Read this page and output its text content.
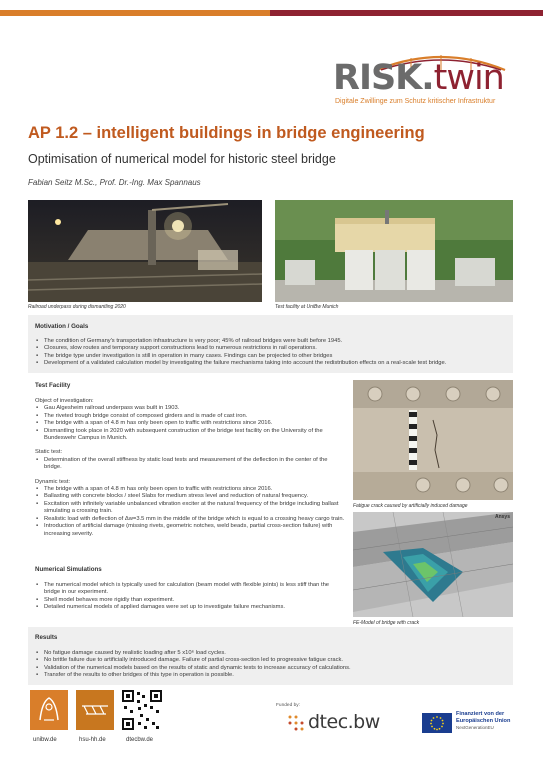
RISK.twin
Digitale Zwillinge zum Schutz kritischer Infrastruktur
AP 1.2 – intelligent buildings in bridge engineering
Optimisation of numerical model for historic steel bridge
Fabian Seitz M.Sc., Prof. Dr.-Ing. Max Spannaus
Railroad underpass during dismantling 2020	Test facility at UniBw Munich
Motivation / Goals
▪ The condition of Germany's transportation infrastructure is very poor; 45% of railroad bridges were built before 1945.
▪ Closures, slow routes and temporary support constructions lead to numerous restrictions in rail operations.
▪ The bridge type under investigation is still in operation in many cases. Findings can be projected to other bridges
▪ Development of a validated calculation model by investigating the failure mechanisms taking into account the redistribution effects on a real-scale test bridge.
Test Facility
Object of investigation:
▪ Gau Algesheim railroad underpass was built in 1903.
▪ The riveted trough bridge consist of composed girders and is made of cast iron.
▪ The bridge with a span of 4.8 m has only been open to traffic with restrictions since 2016.
▪ Dismantling took place in 2020 with subsequent construction of the bridge test facility on the University of the Bundeswehr Campus in Munich.
Static test:
▪ Determination of the overall stiffness by static load tests and measurement of the deflection in the center of the bridge.
Dynamic test:
▪ The bridge with a span of 4.8 m has only been open to traffic with restrictions since 2016.
▪ Ballasting with concrete blocks / steel Slabs for medium stress level and reduction of natural frequency.
▪ Excitation with infinitely variable unbalanced vibration exciter at the natural frequency of the bridge including ballast simulating a crossing train.
▪ Realistic load with deflection of Δw=3.5 mm in the middle of the bridge which is equal to a crossing heavy cargo train.
▪ Introduction of artificial damage (missing rivets, geometric notches, weld beads, partial cross-section failure) with increasing severity.
Fatigue crack caused by artificially induced damage
Ansys
FE-Model of bridge with crack
Numerical Simulations
▪ The numerical model which is typically used for calculation (beam model with flexible joints) is less stiff than the bridge in our experiment.
▪ Shell model behaves more rigidly than experiment.
▪ Detailed numerical models of applied damages were set up to investigate failure mechanisms.
Results
▪ No fatigue damage caused by realistic loading after 5 x10⁶ load cycles.
▪ No brittle failure due to artificially introduced damage. Failure of partial cross-section led to progressive fatigue crack.
▪ Validation of the numerical models based on the results of static and dynamic tests to increase accuracy of calculations.
▪ Transfer of the results to other bridges of this type in operation is possible.
unibw.de	hsu-hh.de	dtecbw.de
Funded by:
dtec.bw	Finanziert von der
Europäischen Union
NextGenerationEU
